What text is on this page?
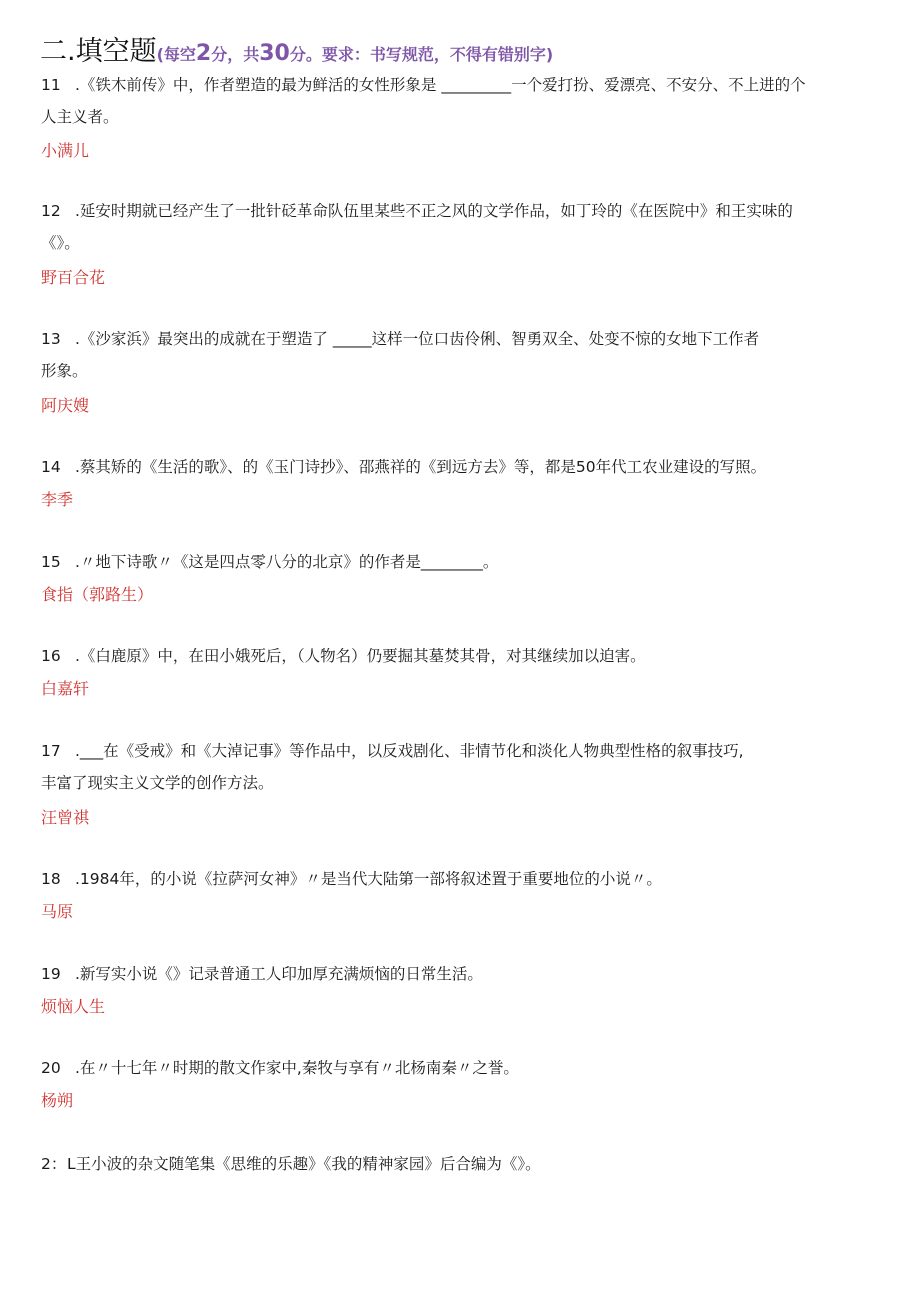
二.填空题(每空2分，共30分。要求：书写规范，不得有错别字)
11 .《铁木前传》中，作者塑造的最为鲜活的女性形象是 _________一个爱打扮、爱漂亮、不安分、不上进的个
人主义者。
小满儿
12 .延安时期就已经产生了一批针砭革命队伍里某些不正之风的文学作品，如丁玲的《在医院中》和王实味的
《》。
野百合花
13 .《沙家浜》最突出的成就在于塑造了 _____这样一位口齿伶俐、智勇双全、处变不惊的女地下工作者
形象。
阿庆嫂
14 .蔡其矫的《生活的歌》、的《玉门诗抄》、邵燕祥的《到远方去》等，都是50年代工农业建设的写照。
李季
15 .〃地下诗歌〃《这是四点零八分的北京》的作者是________。
食指（郭路生）
16 .《白鹿原》中，在田小娥死后，（人物名）仍要掘其墓焚其骨，对其继续加以迫害。
白嘉轩
17 .___在《受戒》和《大淖记事》等作品中，以反戏剧化、非情节化和淡化人物典型性格的叙事技巧,
丰富了现实主义文学的创作方法。
汪曾祺
18 .1984年，的小说《拉萨河女神》〃是当代大陆第一部将叙述置于重要地位的小说〃。
马原
19 .新写实小说《》记录普通工人印加厚充满烦恼的日常生活。
烦恼人生
20 .在〃十七年〃时期的散文作家中,秦牧与享有〃北杨南秦〃之誉。
杨朔
2：L王小波的杂文随笔集《思维的乐趣》《我的精神家园》后合编为《》。
